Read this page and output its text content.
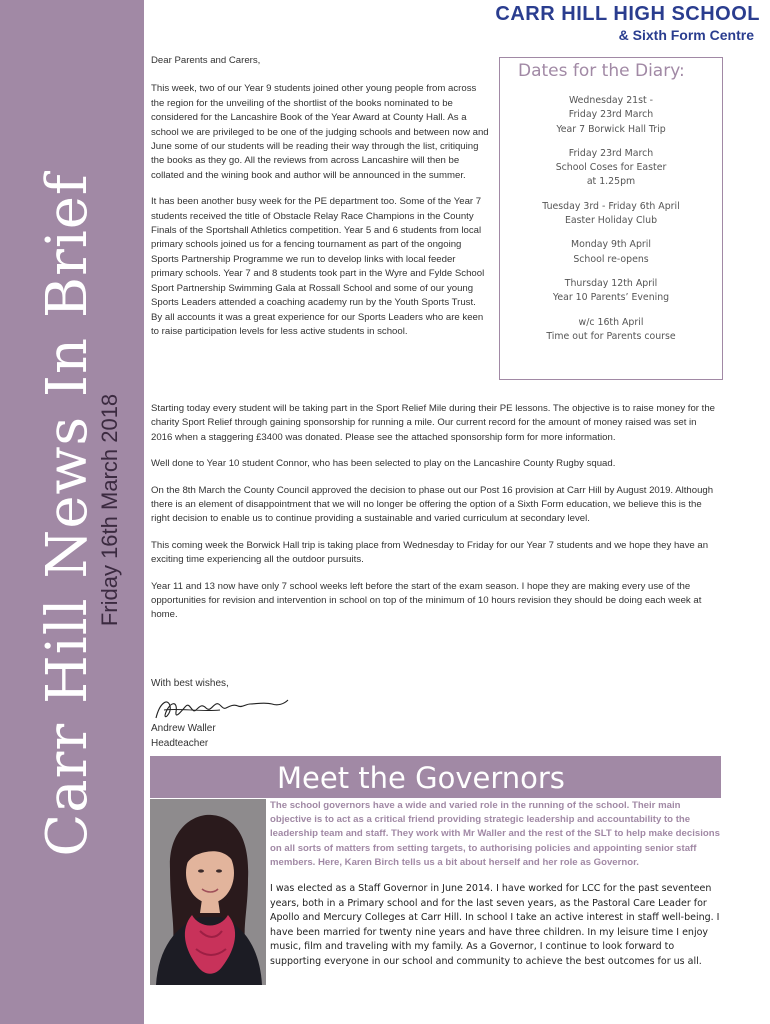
Carr Hill News In Brief
Friday 16th March 2018
CARR HILL HIGH SCHOOL
& Sixth Form Centre

Dear Parents and Carers,

This week, two of our Year 9 students joined other young people from across the region for the unveiling of the shortlist of the books nominated to be considered for the Lancashire Book of the Year Award at County Hall. As a school we are privileged to be one of the judging schools and between now and June some of our students will be reading their way through the list, critiquing the books as they go. All the reviews from across Lancashire will then be collated and the wining book and author will be announced in the summer.

It has been another busy week for the PE department too. Some of the Year 7 students received the title of Obstacle Relay Race Champions in the County Finals of the Sportshall Athletics competition. Year 5 and 6 students from local primary schools joined us for a fencing tournament as part of the ongoing Sports Partnership Programme we run to develop links with local feeder primary schools. Year 7 and 8 students took part in the Wyre and Fylde School Sport Partnership Swimming Gala at Rossall School and some of our young Sports Leaders attended a coaching academy run by the Youth Sports Trust. By all accounts it was a great experience for our Sports Leaders who are keen to raise participation levels for less active students in school.

Dates for the Diary:
Wednesday 21st -
Friday 23rd March
Year 7 Borwick Hall Trip
Friday 23rd March
School Coses for Easter
at 1.25pm
Tuesday 3rd - Friday 6th April
Easter Holiday Club
Monday 9th April
School re-opens
Thursday 12th April
Year 10 Parents’ Evening
w/c 16th April
Time out for Parents course

Starting today every student will be taking part in the Sport Relief Mile during their PE lessons. The objective is to raise money for the charity Sport Relief through gaining sponsorship for running a mile. Our current record for the amount of money raised was set in 2016 when a staggering £3400 was donated. Please see the attached sponsorship form for more information.

Well done to Year 10 student Connor, who has been selected to play on the Lancashire County Rugby squad.

On the 8th March the County Council approved the decision to phase out our Post 16 provision at Carr Hill by August 2019. Although there is an element of disappointment that we will no longer be offering the option of a Sixth Form education, we believe this is the right decision to enable us to continue providing a sustainable and varied curriculum at secondary level.

This coming week the Borwick Hall trip is taking place from Wednesday to Friday for our Year 7 students and we hope they have an exciting time experiencing all the outdoor pursuits.

Year 11 and 13 now have only 7 school weeks left before the start of the exam season. I hope they are making every use of the opportunities for revision and intervention in school on top of the minimum of 10 hours revision they should be doing each week at home.

With best wishes,
Andrew Waller
Headteacher
Meet the Governors
The school governors have a wide and varied role in the running of the school. Their main objective is to act as a critical friend providing strategic leadership and accountability to the leadership team and staff. They work with Mr Waller and the rest of the SLT to help make decisions on all sorts of matters from setting targets, to authorising policies and appointing senior staff members. Here, Karen Birch tells us a bit about herself and her role as Governor.
I was elected as a Staff Governor in June 2014. I have worked for LCC for the past seventeen years, both in a Primary school and for the last seven years, as the Pastoral Care Leader for Apollo and Mercury Colleges at Carr Hill. In school I take an active interest in staff well-being. I have been married for twenty nine years and have three children. In my leisure time I enjoy music, film and traveling with my family. As a Governor, I continue to look forward to supporting everyone in our school and community to achieve the best outcomes for us all.
